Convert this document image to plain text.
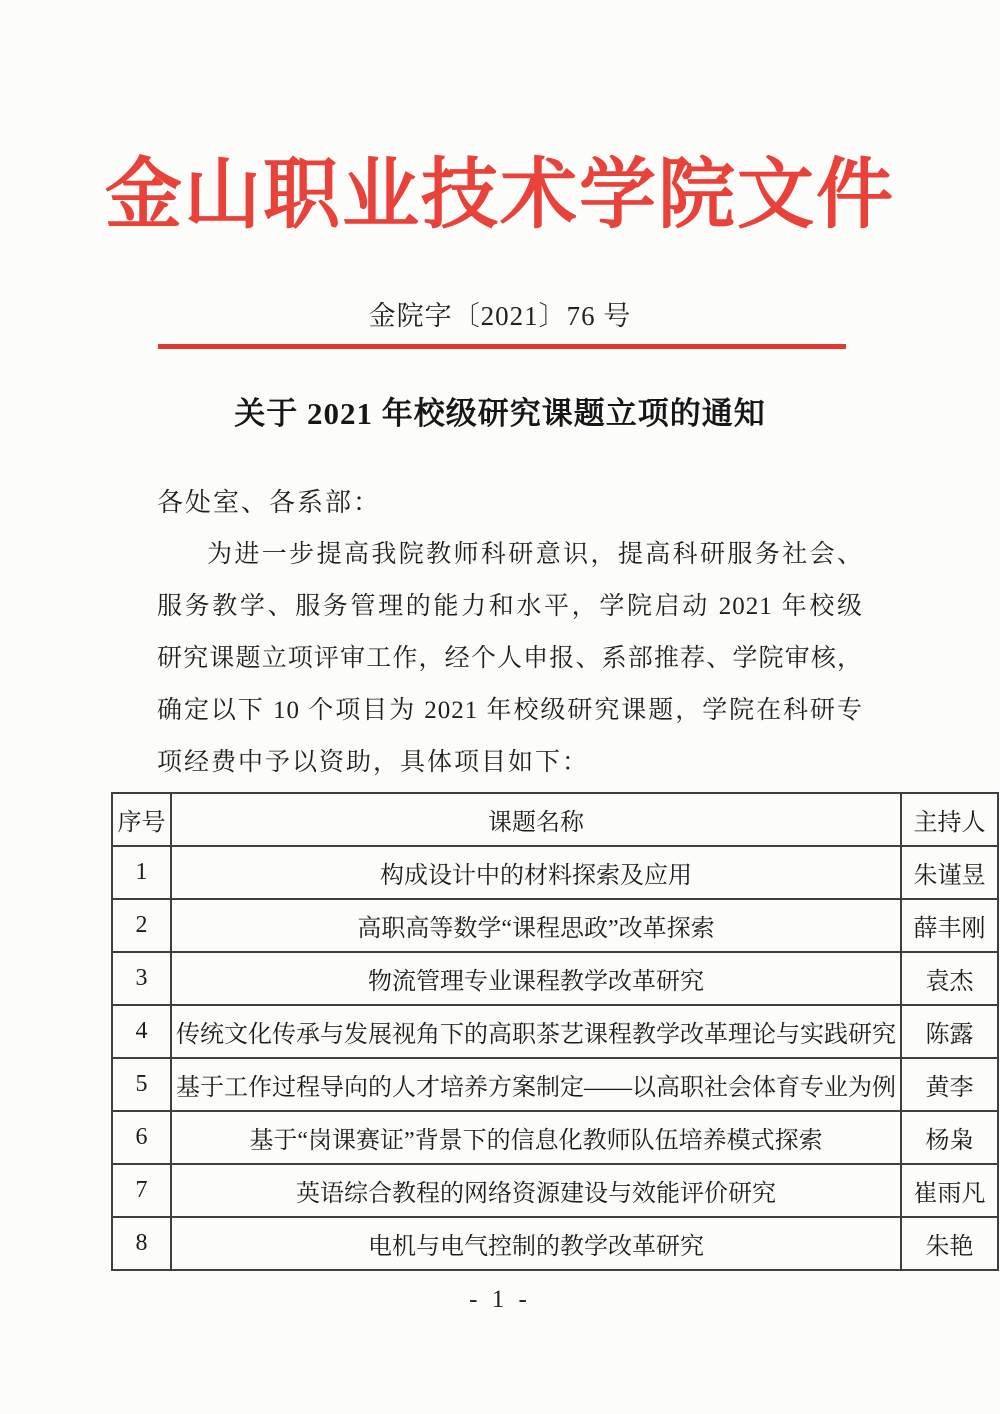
金山职业技术学院文件
金院字〔2021〕76 号
关于 2021 年校级研究课题立项的通知
各处室、各系部：
为进一步提高我院教师科研意识，提高科研服务社会、
服务教学、服务管理的能力和水平，学院启动 2021 年校级
研究课题立项评审工作，经个人申报、系部推荐、学院审核，
确定以下 10 个项目为 2021 年校级研究课题，学院在科研专
项经费中予以资助，具体项目如下：
序号	课题名称	主持人
1	构成设计中的材料探索及应用	朱谨昱
2	高职高等数学“课程思政”改革探索	薛丰刚
3	物流管理专业课程教学改革研究	袁杰
4	传统文化传承与发展视角下的高职茶艺课程教学改革理论与实践研究	陈露
5	基于工作过程导向的人才培养方案制定——以高职社会体育专业为例	黄李
6	基于“岗课赛证”背景下的信息化教师队伍培养模式探索	杨枭
7	英语综合教程的网络资源建设与效能评价研究	崔雨凡
8	电机与电气控制的教学改革研究	朱艳
- 1 -
